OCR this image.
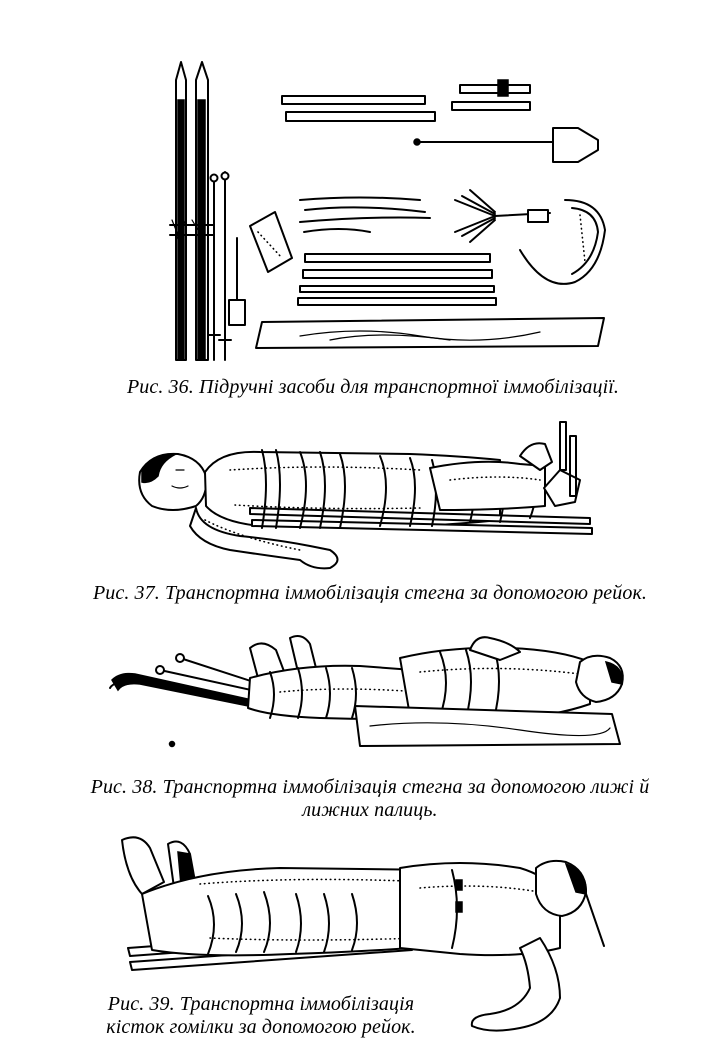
Рис. 36. Підручні засоби для транспортної іммобілізації.
Рис. 37. Транспортна іммобілізація стегна за допомогою рейок.
Рис. 38. Транспортна іммобілізація стегна за допомогою лижі й
лижних палиць.
Рис. 39. Транспортна іммобілізація
кісток гомілки за допомогою рейок.
